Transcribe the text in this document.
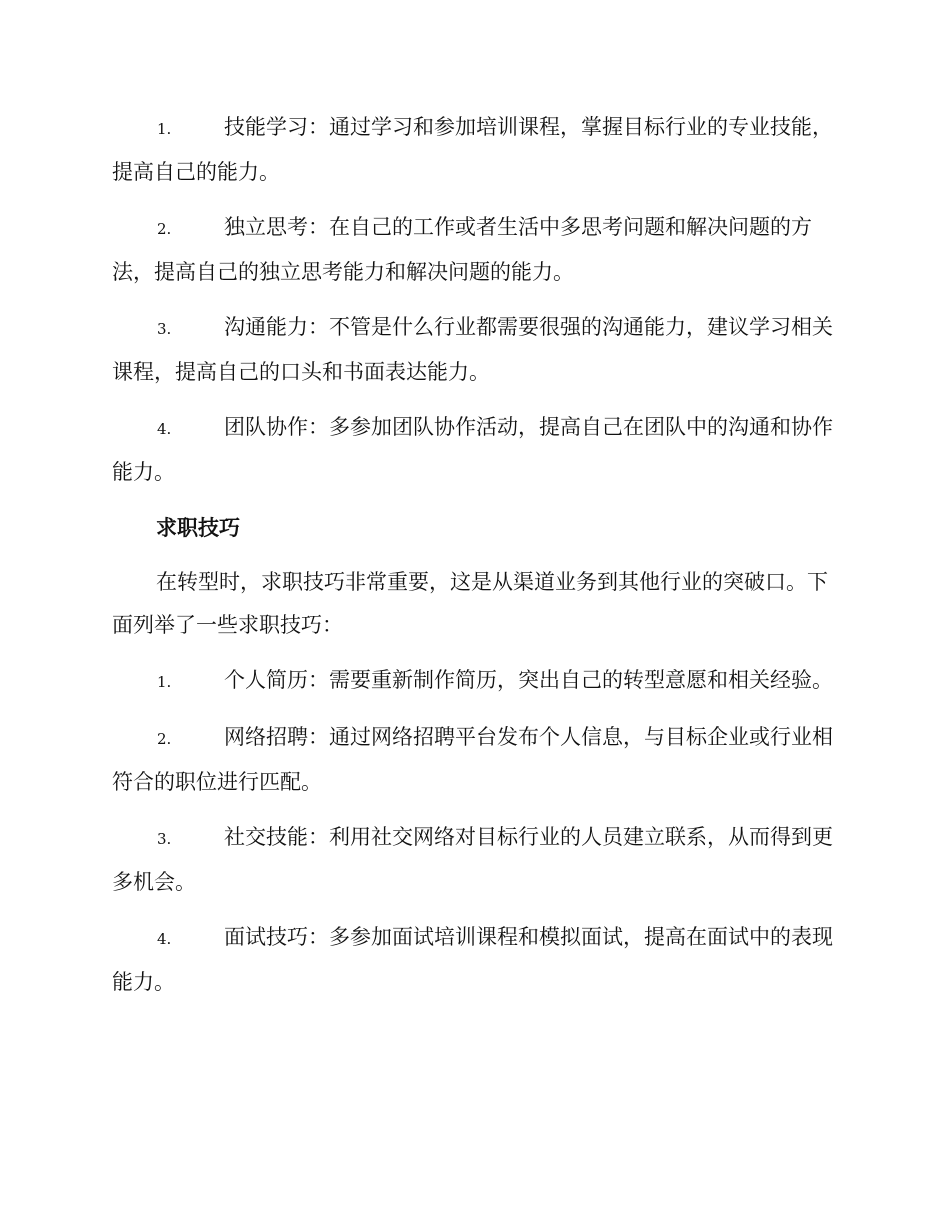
1.	技能学习：通过学习和参加培训课程，掌握目标行业的专业技能，提高自己的能力。
2.	独立思考：在自己的工作或者生活中多思考问题和解决问题的方法，提高自己的独立思考能力和解决问题的能力。
3.	沟通能力：不管是什么行业都需要很强的沟通能力，建议学习相关课程，提高自己的口头和书面表达能力。
4.	团队协作：多参加团队协作活动，提高自己在团队中的沟通和协作能力。
求职技巧
在转型时，求职技巧非常重要，这是从渠道业务到其他行业的突破口。下面列举了一些求职技巧：
1.	个人简历：需要重新制作简历，突出自己的转型意愿和相关经验。
2.	网络招聘：通过网络招聘平台发布个人信息，与目标企业或行业相符合的职位进行匹配。
3.	社交技能：利用社交网络对目标行业的人员建立联系，从而得到更多机会。
4.	面试技巧：多参加面试培训课程和模拟面试，提高在面试中的表现能力。
